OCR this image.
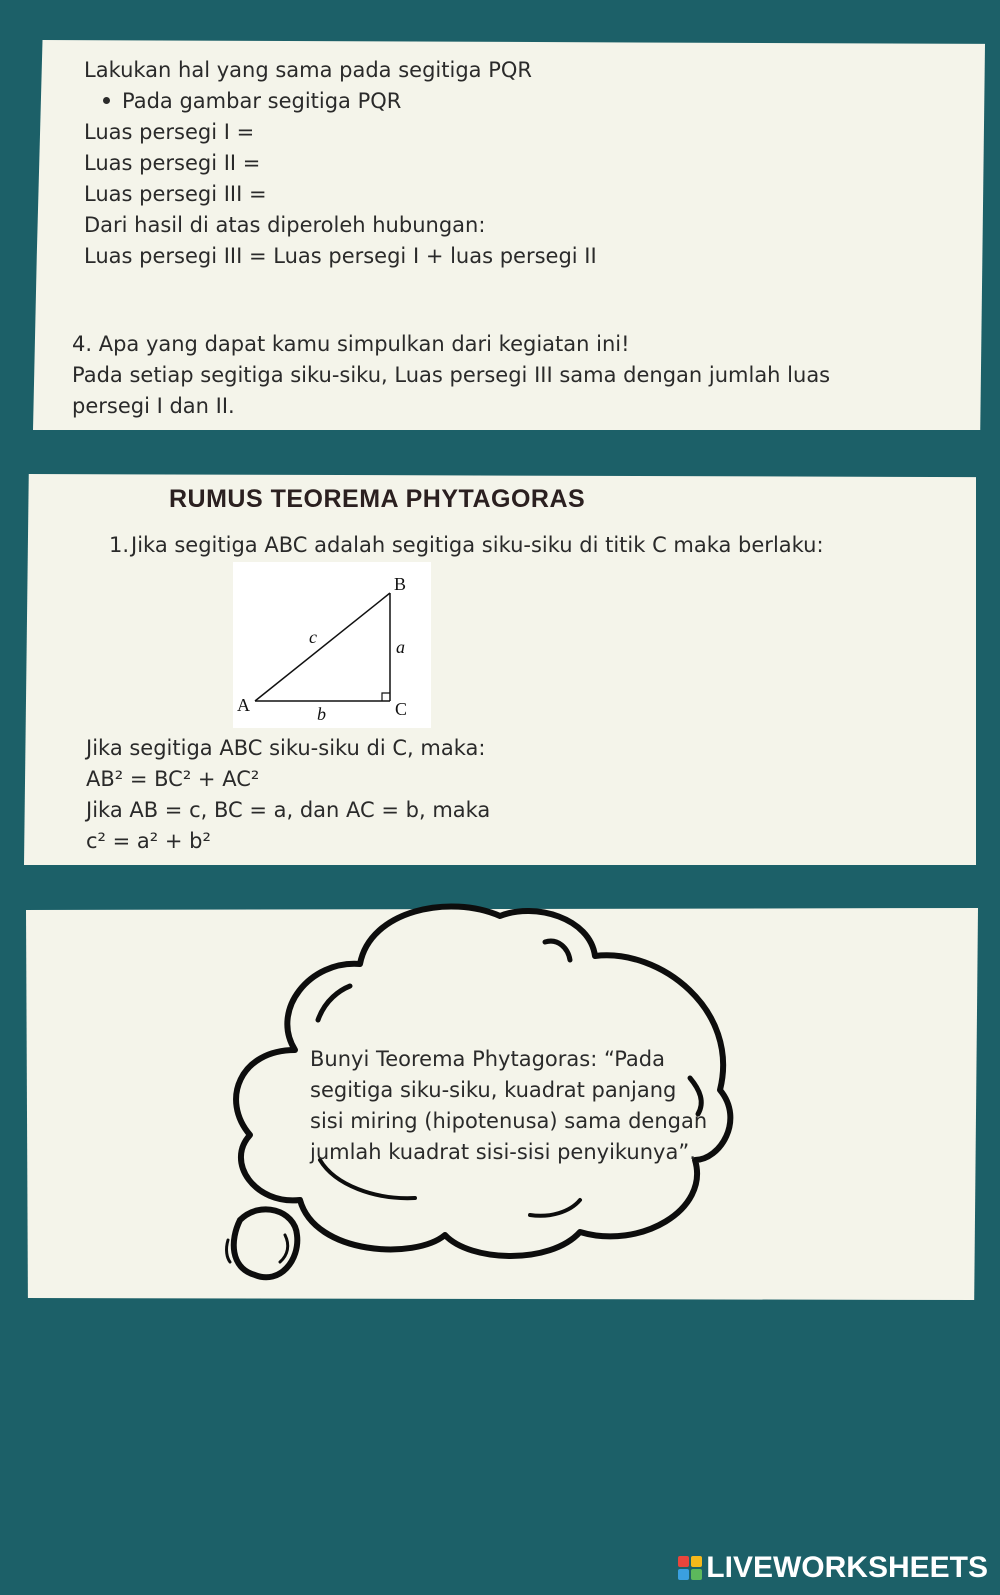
Lakukan hal yang sama pada segitiga PQR
Pada gambar segitiga PQR
Luas persegi I =
Luas persegi II =
Luas persegi III =
Dari hasil di atas diperoleh hubungan:
Luas persegi III = Luas persegi I + luas persegi II
4. Apa yang dapat kamu simpulkan dari kegiatan ini!
Pada setiap segitiga siku-siku, Luas persegi III sama dengan jumlah luas
persegi I dan II.
RUMUS TEOREMA PHYTAGORAS
1. Jika segitiga ABC adalah segitiga siku-siku di titik C maka berlaku:
A
B
C
a
b
c
Jika segitiga ABC siku-siku di C, maka:
AB² = BC² + AC²
Jika AB = c, BC = a, dan AC = b, maka
c² = a² + b²
Bunyi Teorema Phytagoras: “Pada
segitiga siku-siku, kuadrat panjang
sisi miring (hipotenusa) sama dengan
jumlah kuadrat sisi-sisi penyikunya”.
LIVEWORKSHEETS
